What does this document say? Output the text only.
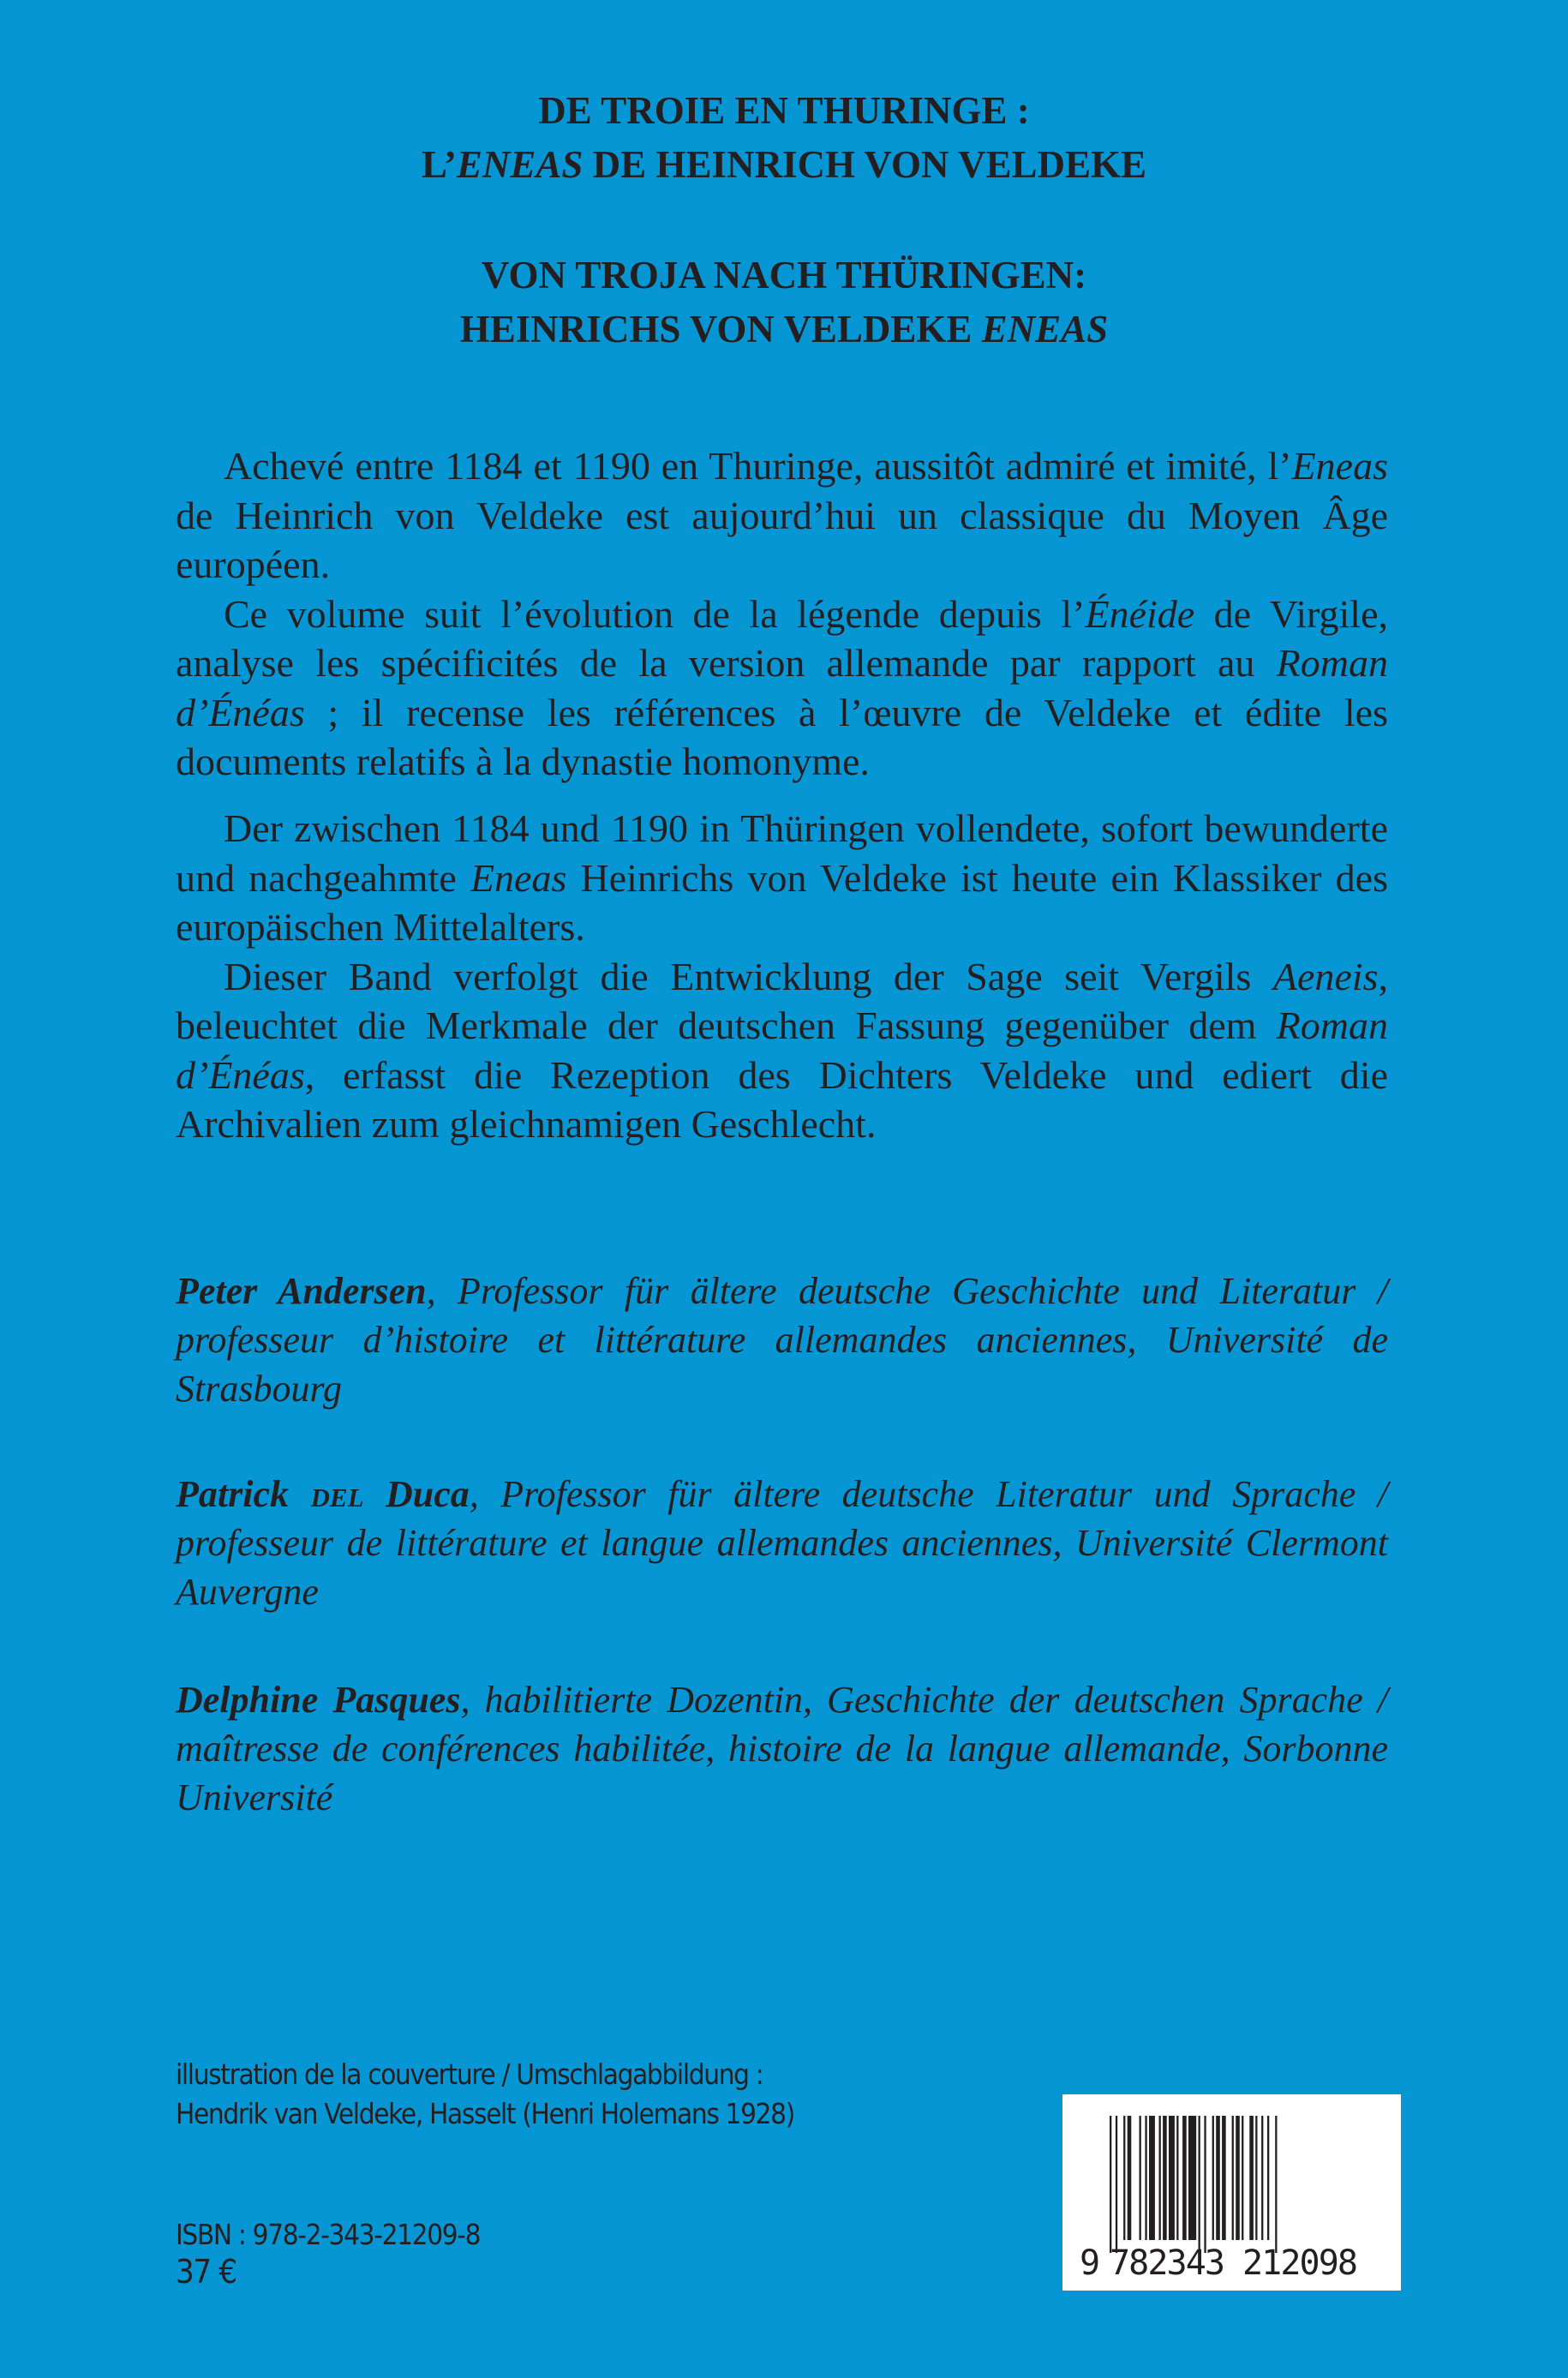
DE TROIE EN THURINGE :
L’ENEAS DE HEINRICH VON VELDEKE
VON TROJA NACH THÜRINGEN:
HEINRICHS VON VELDEKE ENEAS

Achevé entre 1184 et 1190 en Thuringe, aussitôt admiré et imité, l’Eneas de Heinrich von Veldeke est aujourd’hui un classique du Moyen Âge européen.

Ce volume suit l’évolution de la légende depuis l’Énéide de Virgile, analyse les spécificités de la version allemande par rapport au Roman d’Énéas ; il recense les références à l’œuvre de Veldeke et édite les documents relatifs à la dynastie homonyme.

Der zwischen 1184 und 1190 in Thüringen vollendete, sofort bewunderte und nachgeahmte Eneas Heinrichs von Veldeke ist heute ein Klassiker des europäischen Mittelalters.

Dieser Band verfolgt die Entwicklung der Sage seit Vergils Aeneis, beleuchtet die Merkmale der deutschen Fassung gegenüber dem Roman d’Énéas, erfasst die Rezeption des Dichters Veldeke und ediert die Archivalien zum gleichnamigen Geschlecht.

Peter Andersen, Professor für ältere deutsche Geschichte und Literatur / professeur d’histoire et littérature allemandes anciennes, Université de Strasbourg
Patrick del Duca, Professor für ältere deutsche Literatur und Sprache / professeur de littérature et langue allemandes anciennes, Université Clermont Auvergne
Delphine Pasques, habilitierte Dozentin, Geschichte der deutschen Sprache / maîtresse de conférences habilitée, histoire de la langue allemande, Sorbonne Université
illustration de la couverture / Umschlagabbildung :
Hendrik van Veldeke, Hasselt (Henri Holemans 1928)
ISBN : 978-2-343-21209-8
37 €	9 782343 212098
